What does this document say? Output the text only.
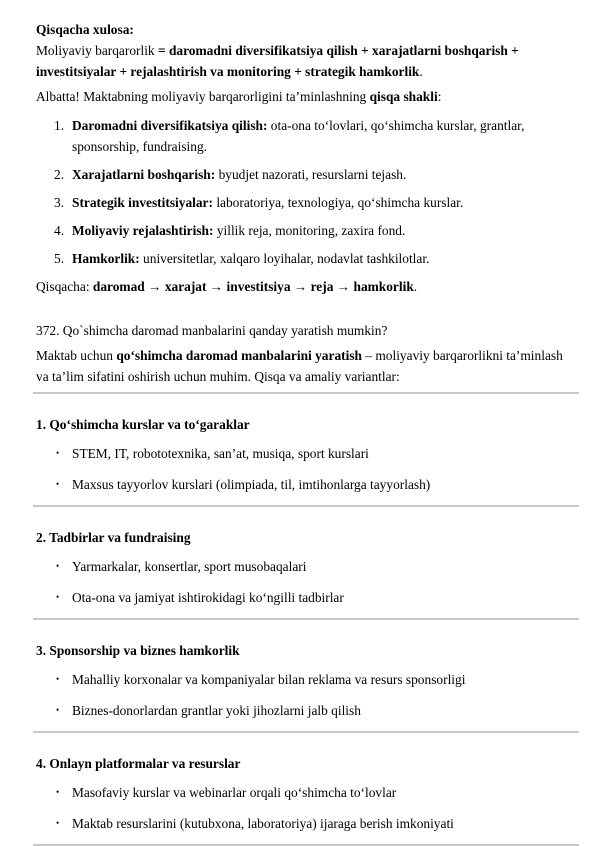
Qisqacha xulosa:

Moliyaviy barqarorlik = daromadni diversifikatsiya qilish + xarajatlarni boshqarish + investitsiyalar + rejalashtirish va monitoring + strategik hamkorlik.

Albatta! Maktabning moliyaviy barqarorligini ta’minlashning qisqa shakli:

1. Daromadni diversifikatsiya qilish: ota-ona to‘lovlari, qo‘shimcha kurslar, grantlar, sponsorship, fundraising.
2. Xarajatlarni boshqarish: byudjet nazorati, resurslarni tejash.
3. Strategik investitsiyalar: laboratoriya, texnologiya, qo‘shimcha kurslar.
4. Moliyaviy rejalashtirish: yillik reja, monitoring, zaxira fond.
5. Hamkorlik: universitetlar, xalqaro loyihalar, nodavlat tashkilotlar.

Qisqacha: daromad → xarajat → investitsiya → reja → hamkorlik.

372. Qo`shimcha daromad manbalarini qanday yaratish mumkin?

Maktab uchun qo‘shimcha daromad manbalarini yaratish – moliyaviy barqarorlikni ta’minlash va ta’lim sifatini oshirish uchun muhim. Qisqa va amaliy variantlar:

1. Qo‘shimcha kurslar va to‘garaklar
• STEM, IT, robototexnika, san’at, musiqa, sport kurslari
• Maxsus tayyorlov kurslari (olimpiada, til, imtihonlarga tayyorlash)
2. Tadbirlar va fundraising
• Yarmarkalar, konsertlar, sport musobaqalari
• Ota-ona va jamiyat ishtirokidagi ko‘ngilli tadbirlar
3. Sponsorship va biznes hamkorlik
• Mahalliy korxonalar va kompaniyalar bilan reklama va resurs sponsorligi
• Biznes-donorlardan grantlar yoki jihozlarni jalb qilish
4. Onlayn platformalar va resurslar
• Masofaviy kurslar va webinarlar orqali qo‘shimcha to‘lovlar
• Maktab resurslarini (kutubxona, laboratoriya) ijaraga berish imkoniyati
